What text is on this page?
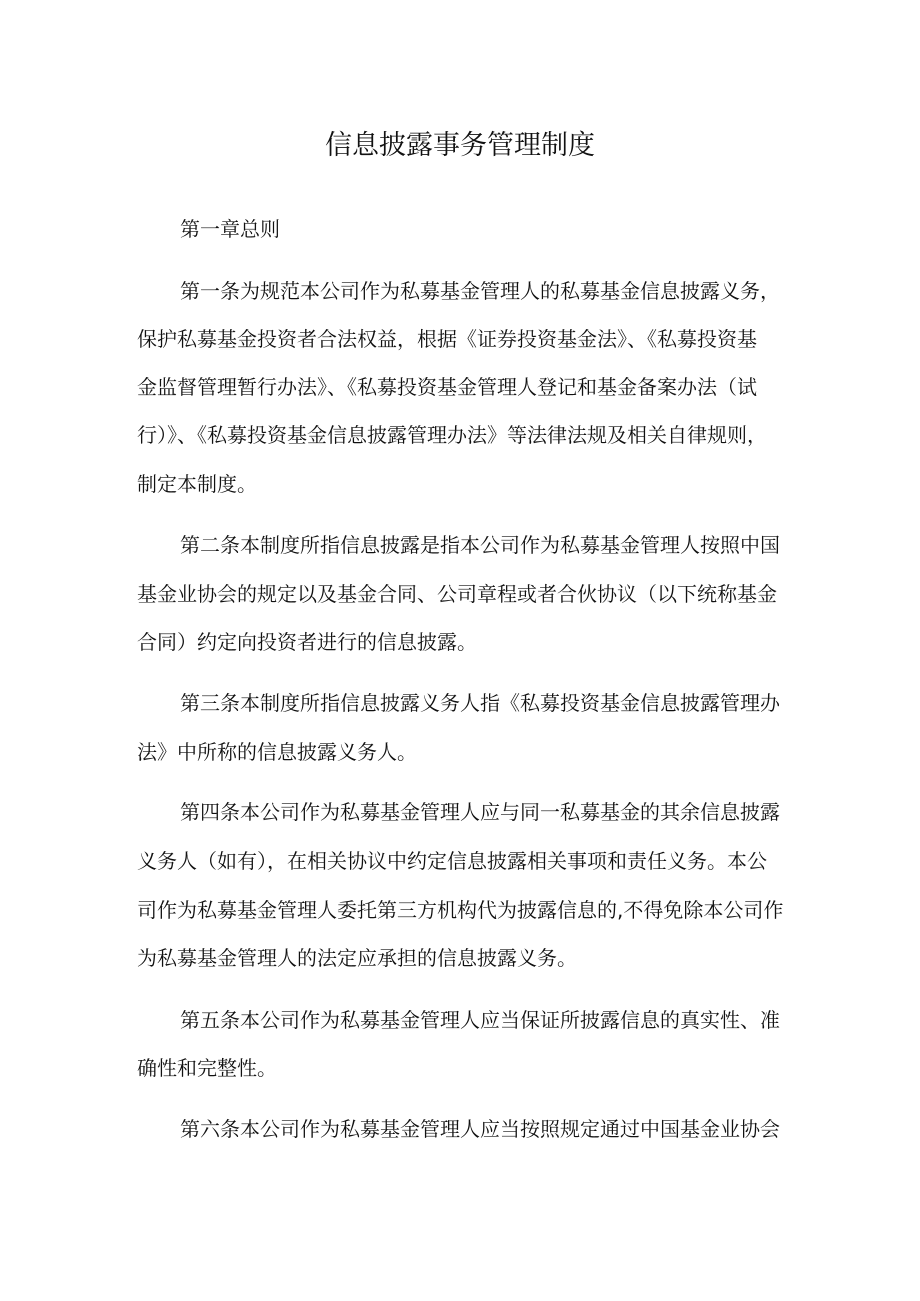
信息披露事务管理制度
第一章总则
第一条为规范本公司作为私募基金管理人的私募基金信息披露义务，
保护私募基金投资者合法权益，根据《证券投资基金法》、《私募投资基
金监督管理暂行办法》、《私募投资基金管理人登记和基金备案办法（试
行）》、《私募投资基金信息披露管理办法》等法律法规及相关自律规则，
制定本制度。
第二条本制度所指信息披露是指本公司作为私募基金管理人按照中国
基金业协会的规定以及基金合同、公司章程或者合伙协议（以下统称基金
合同）约定向投资者进行的信息披露。
第三条本制度所指信息披露义务人指《私募投资基金信息披露管理办
法》中所称的信息披露义务人。
第四条本公司作为私募基金管理人应与同一私募基金的其余信息披露
义务人（如有），在相关协议中约定信息披露相关事项和责任义务。本公
司作为私募基金管理人委托第三方机构代为披露信息的,不得免除本公司作
为私募基金管理人的法定应承担的信息披露义务。
第五条本公司作为私募基金管理人应当保证所披露信息的真实性、准
确性和完整性。
第六条本公司作为私募基金管理人应当按照规定通过中国基金业协会
